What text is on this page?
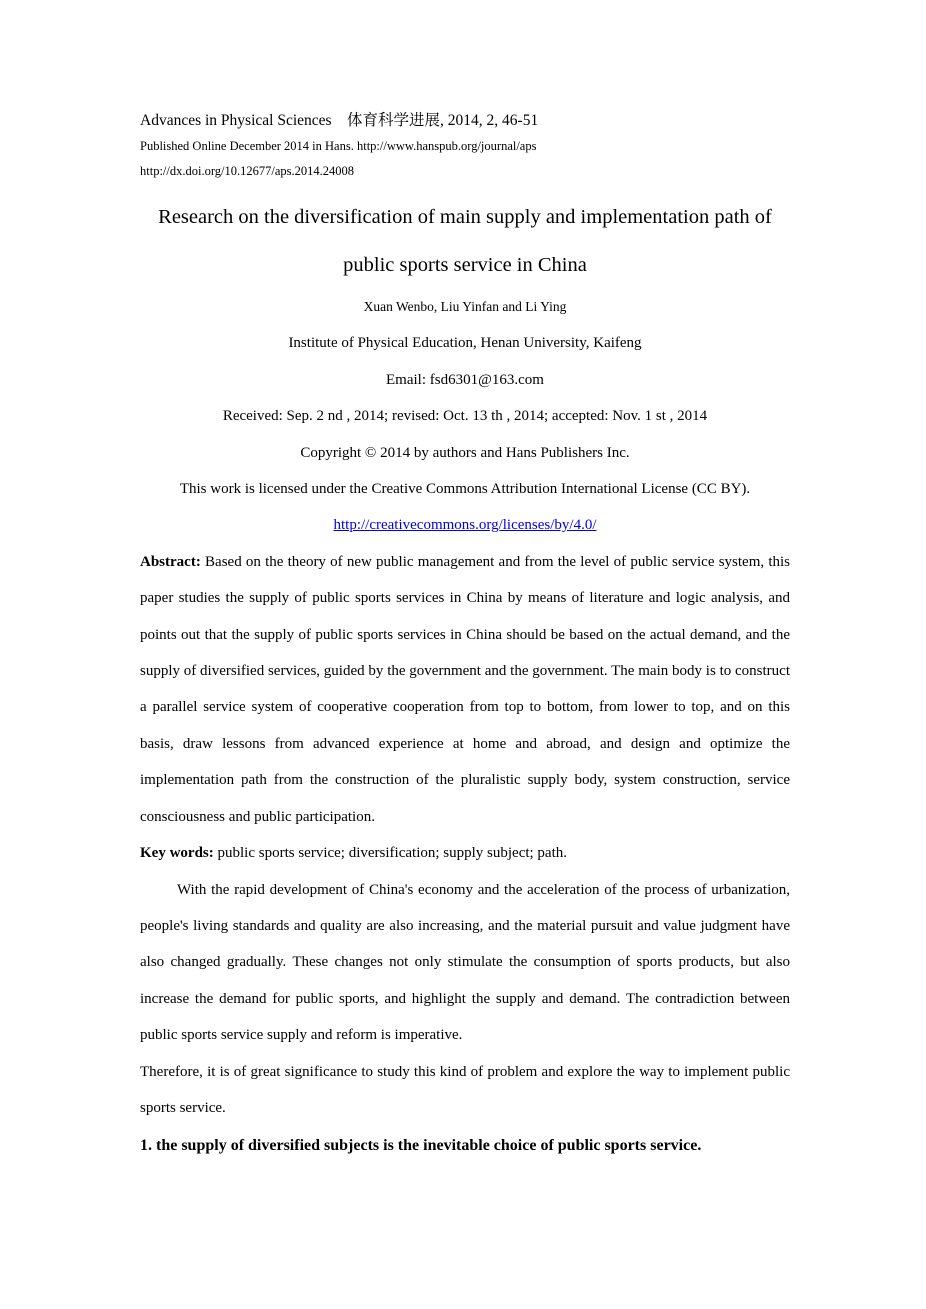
Advances in Physical Sciences　体育科学进展, 2014, 2, 46-51

Published Online December 2014 in Hans. http://www.hanspub.org/journal/aps

http://dx.doi.org/10.12677/aps.2014.24008

Research on the diversification of main supply and implementation path of public sports service in China

Xuan Wenbo, Liu Yinfan and Li Ying

Institute of Physical Education, Henan University, Kaifeng

Email: fsd6301@163.com

Received: Sep. 2 nd , 2014; revised: Oct. 13 th , 2014; accepted: Nov. 1 st , 2014

Copyright © 2014 by authors and Hans Publishers Inc.

This work is licensed under the Creative Commons Attribution International License (CC BY).

http://creativecommons.org/licenses/by/4.0/

Abstract: Based on the theory of new public management and from the level of public service system, this paper studies the supply of public sports services in China by means of literature and logic analysis, and points out that the supply of public sports services in China should be based on the actual demand, and the supply of diversified services, guided by the government and the government. The main body is to construct a parallel service system of cooperative cooperation from top to bottom, from lower to top, and on this basis, draw lessons from advanced experience at home and abroad, and design and optimize the implementation path from the construction of the pluralistic supply body, system construction, service consciousness and public participation.

Key words: public sports service; diversification; supply subject; path.

With the rapid development of China's economy and the acceleration of the process of urbanization, people's living standards and quality are also increasing, and the material pursuit and value judgment have also changed gradually. These changes not only stimulate the consumption of sports products, but also increase the demand for public sports, and highlight the supply and demand. The contradiction between public sports service supply and reform is imperative.

Therefore, it is of great significance to study this kind of problem and explore the way to implement public sports service.

1. the supply of diversified subjects is the inevitable choice of public sports service.
